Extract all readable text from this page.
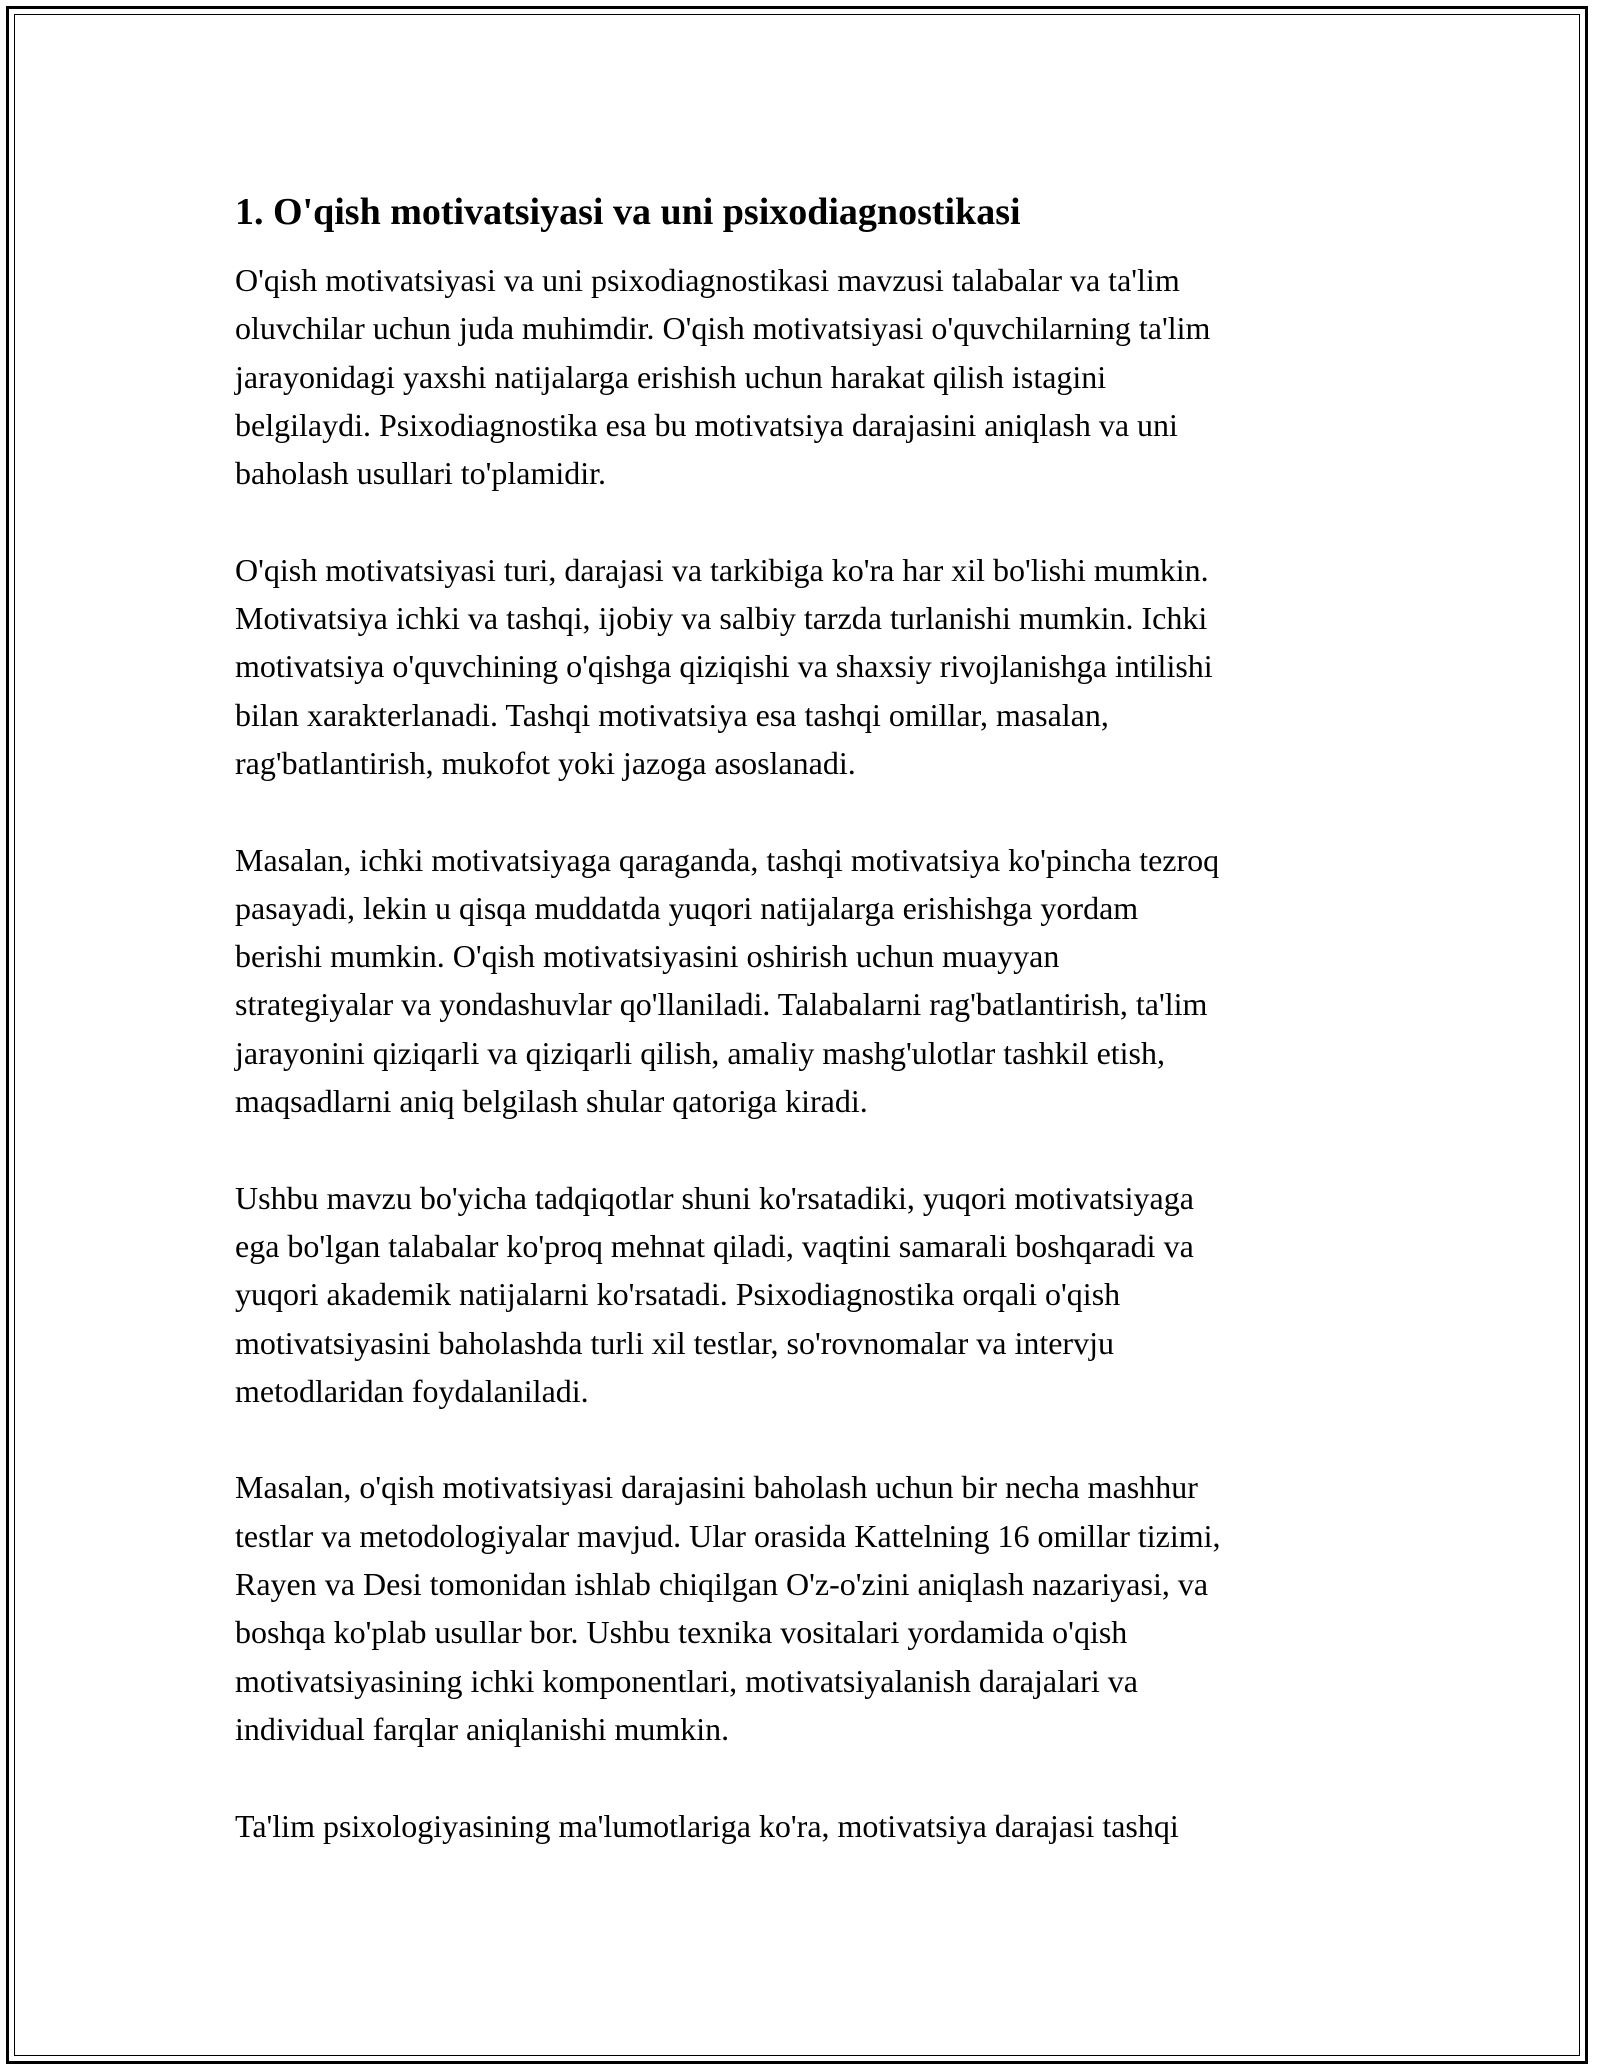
1. O'qish motivatsiyasi va uni psixodiagnostikasi

O'qish motivatsiyasi va uni psixodiagnostikasi mavzusi talabalar va ta'lim
oluvchilar uchun juda muhimdir. O'qish motivatsiyasi o'quvchilarning ta'lim
jarayonidagi yaxshi natijalarga erishish uchun harakat qilish istagini
belgilaydi. Psixodiagnostika esa bu motivatsiya darajasini aniqlash va uni
baholash usullari to'plamidir.

O'qish motivatsiyasi turi, darajasi va tarkibiga ko'ra har xil bo'lishi mumkin.
Motivatsiya ichki va tashqi, ijobiy va salbiy tarzda turlanishi mumkin. Ichki
motivatsiya o'quvchining o'qishga qiziqishi va shaxsiy rivojlanishga intilishi
bilan xarakterlanadi. Tashqi motivatsiya esa tashqi omillar, masalan,
rag'batlantirish, mukofot yoki jazoga asoslanadi.

Masalan, ichki motivatsiyaga qaraganda, tashqi motivatsiya ko'pincha tezroq
pasayadi, lekin u qisqa muddatda yuqori natijalarga erishishga yordam
berishi mumkin. O'qish motivatsiyasini oshirish uchun muayyan
strategiyalar va yondashuvlar qo'llaniladi. Talabalarni rag'batlantirish, ta'lim
jarayonini qiziqarli va qiziqarli qilish, amaliy mashg'ulotlar tashkil etish,
maqsadlarni aniq belgilash shular qatoriga kiradi.

Ushbu mavzu bo'yicha tadqiqotlar shuni ko'rsatadiki, yuqori motivatsiyaga
ega bo'lgan talabalar ko'proq mehnat qiladi, vaqtini samarali boshqaradi va
yuqori akademik natijalarni ko'rsatadi. Psixodiagnostika orqali o'qish
motivatsiyasini baholashda turli xil testlar, so'rovnomalar va intervju
metodlaridan foydalaniladi.

Masalan, o'qish motivatsiyasi darajasini baholash uchun bir necha mashhur
testlar va metodologiyalar mavjud. Ular orasida Kattelning 16 omillar tizimi,
Rayen va Desi tomonidan ishlab chiqilgan O'z-o'zini aniqlash nazariyasi, va
boshqa ko'plab usullar bor. Ushbu texnika vositalari yordamida o'qish
motivatsiyasining ichki komponentlari, motivatsiyalanish darajalari va
individual farqlar aniqlanishi mumkin.

Ta'lim psixologiyasining ma'lumotlariga ko'ra, motivatsiya darajasi tashqi
